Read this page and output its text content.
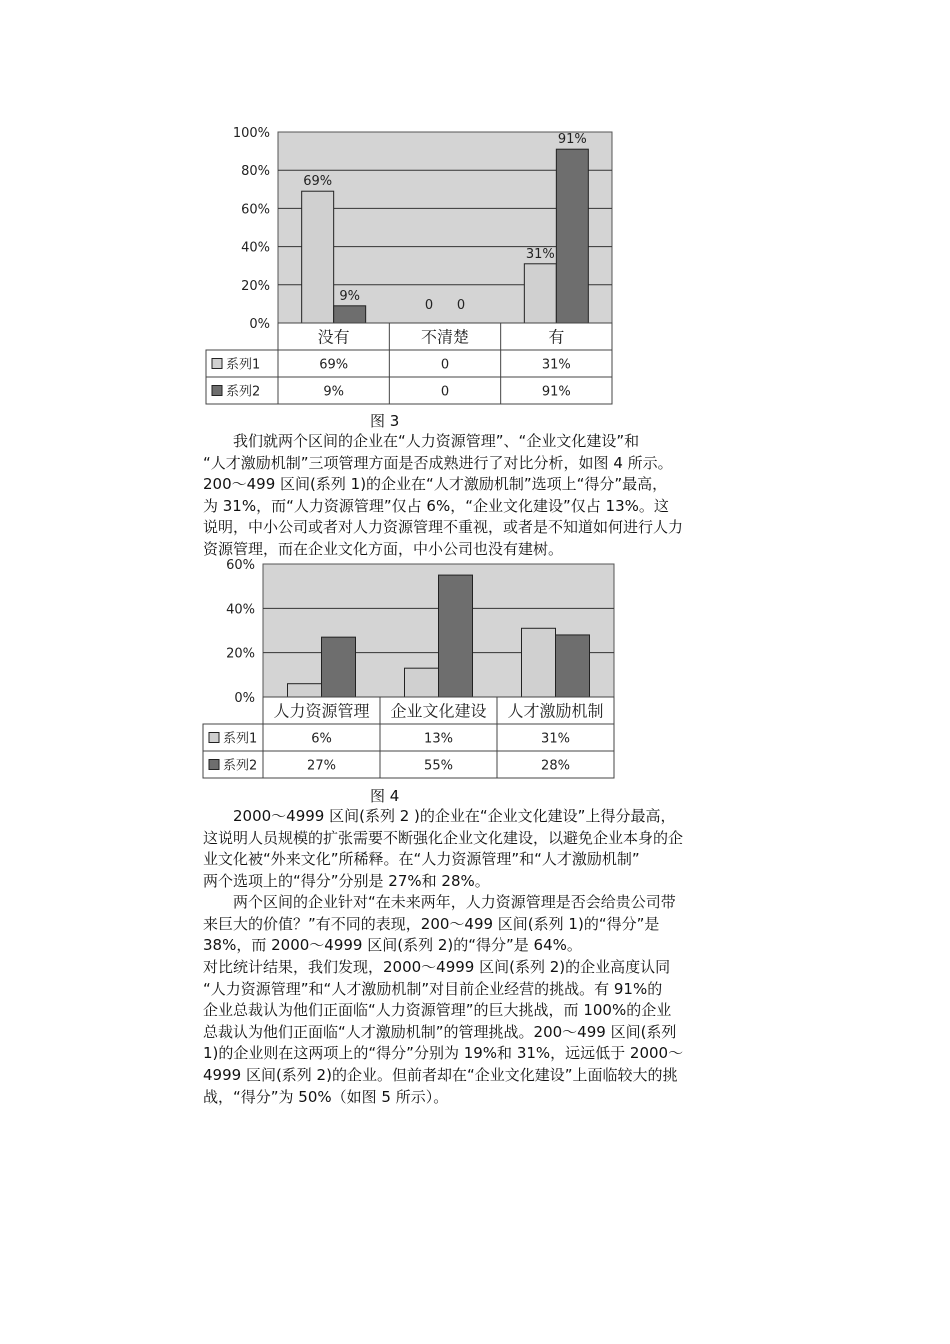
0%
20%
40%
60%
80%
100%
69%
9%
0 0
31%
91%
没有
69%
9%
不清楚
0
0
有
31%
91%
系列1
系列2
图 3

我们就两个区间的企业在“人力资源管理”、“企业文化建设”和

“人才激励机制”三项管理方面是否成熟进行了对比分析，如图 4 所示。

200～499 区间(系列 1)的企业在“人才激励机制”选项上“得分”最高，

为 31%，而“人力资源管理”仅占 6%，“企业文化建设”仅占 13%。这

说明，中小公司或者对人力资源管理不重视，或者是不知道如何进行人力

资源管理，而在企业文化方面，中小公司也没有建树。

0%
20%
40%
60%
人力资源管理
6%
27%
企业文化建设
13%
55%
人才激励机制
31%
28%
系列1
系列2
图 4

2000～4999 区间(系列 2 )的企业在“企业文化建设”上得分最高，

这说明人员规模的扩张需要不断强化企业文化建设，以避免企业本身的企

业文化被“外来文化”所稀释。在“人力资源管理”和“人才激励机制”

两个选项上的“得分”分别是 27%和 28%。

两个区间的企业针对“在未来两年，人力资源管理是否会给贵公司带

来巨大的价值？”有不同的表现，200～499 区间(系列 1)的“得分”是

38%，而 2000～4999 区间(系列 2)的“得分”是 64%。

对比统计结果，我们发现，2000～4999 区间(系列 2)的企业高度认同

“人力资源管理”和“人才激励机制”对目前企业经营的挑战。有 91%的

企业总裁认为他们正面临“人力资源管理”的巨大挑战，而 100%的企业

总裁认为他们正面临“人才激励机制”的管理挑战。200～499 区间(系列

1)的企业则在这两项上的“得分”分别为 19%和 31%，远远低于 2000～

4999 区间(系列 2)的企业。但前者却在“企业文化建设”上面临较大的挑

战，“得分”为 50%（如图 5 所示）。
